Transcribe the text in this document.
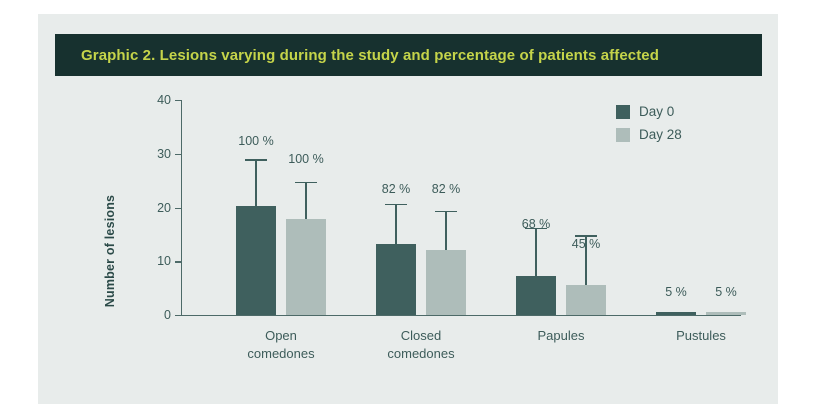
Graphic 2. Lesions varying during the study and percentage of patients affected
Number of lesions
0
10
20
30
40
100 %
100 %
82 % 82 %
68 %
45 %
5 % 5 %
Open
comedones
Closed
comedones
Papules	Pustules
Day 0
Day 28
